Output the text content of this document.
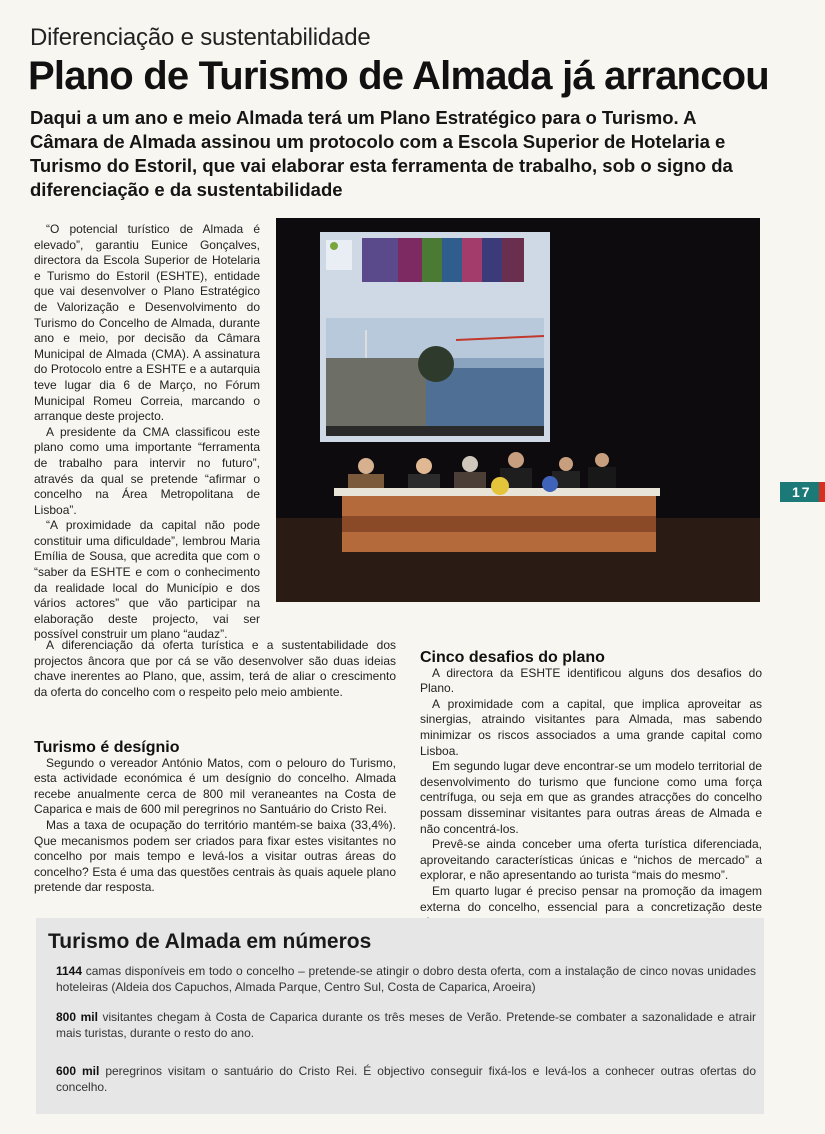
Diferenciação e sustentabilidade
Plano de Turismo de Almada já arrancou
Daqui a um ano e meio Almada terá um Plano Estratégico para o Turismo. A Câmara de Almada assinou um protocolo com a Escola Superior de Hotelaria e Turismo do Estoril, que vai elaborar esta ferramenta de trabalho, sob o signo da diferenciação e da sustentabilidade

“O potencial turístico de Almada é elevado”, garantiu Eunice Gonçalves, directora da Escola Superior de Hotelaria e Turismo do Estoril (ESHTE), entidade que vai desenvolver o Plano Estratégico de Valorização e Desenvolvimento do Turismo do Concelho de Almada, durante ano e meio, por decisão da Câmara Municipal de Almada (CMA). A assinatura do Protocolo entre a ESHTE e a autarquia teve lugar dia 6 de Março, no Fórum Municipal Romeu Correia, marcando o arranque deste projecto.

A presidente da CMA classificou este plano como uma importante “ferramenta de trabalho para intervir no futuro”, através da qual se pretende “afirmar o concelho na Área Metropolitana de Lisboa”.

“A proximidade da capital não pode constituir uma dificuldade”, lembrou Maria Emília de Sousa, que acredita que com o “saber da ESHTE e com o conhecimento da realidade local do Município e dos vários actores” que vão participar na elaboração deste projecto, vai ser possível construir um plano “audaz”.

A diferenciação da oferta turística e a sustentabilidade dos projectos âncora que por cá se vão desenvolver são duas ideias chave inerentes ao Plano, que, assim, terá de aliar o crescimento da oferta do concelho com o respeito pelo meio ambiente.

Turismo é desígnio

Segundo o vereador António Matos, com o pelouro do Turismo, esta actividade económica é um desígnio do concelho. Almada recebe anualmente cerca de 800 mil veraneantes na Costa de Caparica e mais de 600 mil peregrinos no Santuário do Cristo Rei.

Mas a taxa de ocupação do território mantém-se baixa (33,4%). Que mecanismos podem ser criados para fixar estes visitantes no concelho por mais tempo e levá-los a visitar outras áreas do concelho? Esta é uma das questões centrais às quais aquele plano pretende dar resposta.

Cinco desafios do plano

A directora da ESHTE identificou alguns dos desafios do Plano.

A proximidade com a capital, que implica aproveitar as sinergias, atraindo visitantes para Almada, mas sabendo minimizar os riscos associados a uma grande capital como Lisboa.

Em segundo lugar deve encontrar-se um modelo territorial de desenvolvimento do turismo que funcione como uma força centrífuga, ou seja em que as grandes atracções do concelho possam disseminar visitantes para outras áreas de Almada e não concentrá-los.

Prevê-se ainda conceber uma oferta turística diferenciada, aproveitando características únicas e “nichos de mercado” a explorar, e não apresentando ao turista “mais do mesmo”.

Em quarto lugar é preciso pensar na promoção da imagem externa do concelho, essencial para a concretização deste

17
Turismo de Almada em números
1144 camas disponíveis em todo o concelho – pretende-se atingir o dobro desta oferta, com a instalação de cinco novas unidades hoteleiras (Aldeia dos Capuchos, Almada Parque, Centro Sul, Costa de Caparica, Aroeira)
800 mil visitantes chegam à Costa de Caparica durante os três meses de Verão. Pretende-se combater a sazonalidade e atrair mais turistas, durante o resto do ano.
600 mil peregrinos visitam o santuário do Cristo Rei. É objectivo conseguir fixá-los e levá-los a conhecer outras ofertas do concelho.
